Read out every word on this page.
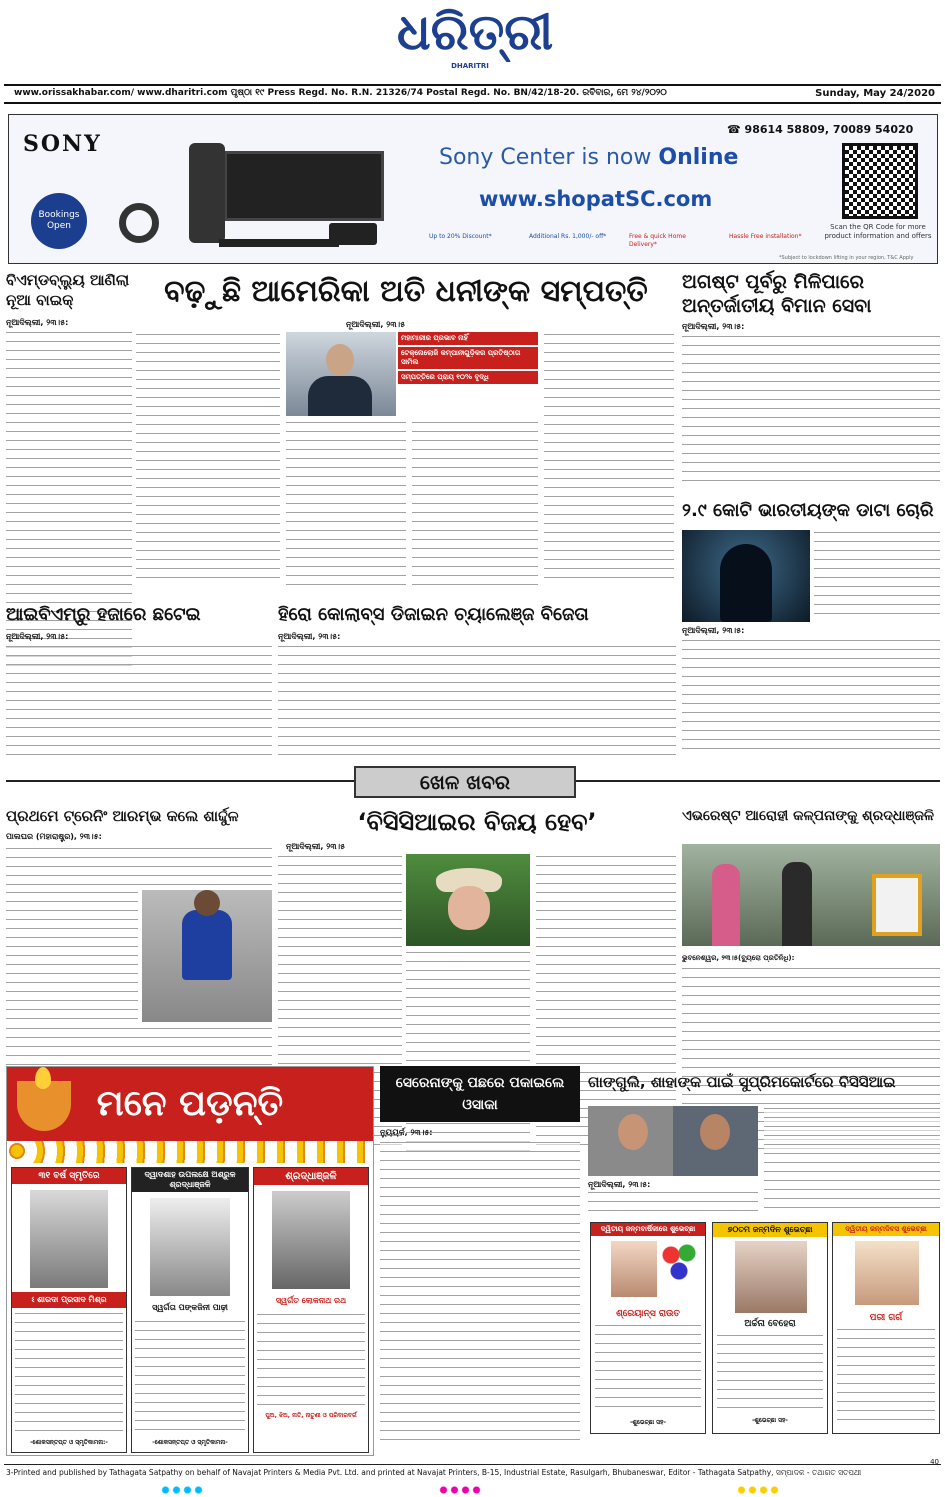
ଧରିତ୍ରୀ
DHARITRI
www.orissakhabar.com/ www.dharitri.com ପୃଷ୍ଠା ୧୯ Press Regd. No. R.N. 21326/74 Postal Regd. No. BN/42/18-20. ରବିବାର, ମେ ୨୪/୨୦୨୦	Sunday, May 24/2020
SONY
Bookings Open
Sony Center is now Online
www.shopatSC.com
☎ 98614 58809, 70089 54020
Scan the QR Code for more product information and offers
Up to 20% Discount*	Additional Rs. 1,000/- off*	Free & quick Home Delivery*
Hassle Free installation*
*Subject to lockdown lifting in your region, T&C Apply
ବିଏମ୍‌ଡବ୍ଲ୍ୟୁ ଆଣିଲା ନୂଆ ବାଇକ୍
ନୂଆଦିଲ୍ଲୀ, ୨୩।୫:
ବଢ଼ୁଛି ଆମେରିକା ଅତି ଧନୀଙ୍କ ସମ୍ପତ୍ତି
ନୂଆଦିଲ୍ଲୀ, ୨୩।୫
ମହାମାରୀର ପ୍ରଭାବ ନାହିଁ
ଟେକ୍ନୋଲୋଜି କମ୍ପାନୀଗୁଡ଼ିକର ପ୍ରତିଷ୍ଠାତା ସାମିଲ
ସମ୍ପତ୍ତିରେ ପ୍ରାୟ ୧୦% ବୃଦ୍ଧି
ଅଗଷ୍ଟ ପୂର୍ବରୁ ମିଳିପାରେ ଅନ୍ତର୍ଜାତୀୟ ବିମାନ ସେବା
ନୂଆଦିଲ୍ଲୀ, ୨୩।୫:
୨.୯ କୋଟି ଭାରତୀୟଙ୍କ ଡାଟା ଚୋରି
ନୂଆଦିଲ୍ଲୀ, ୨୩।୫:
ଆଇବିଏମ୍‌ରୁ ହଜାରେ ଛଟେଇ
ନୂଆଦିଲ୍ଲୀ, ୨୩।୫:
ହିରୋ କୋଲାବ୍ସ ଡିଜାଇନ ଚ୍ୟାଲେଞ୍ଜ ବିଜେତା
ନୂଆଦିଲ୍ଲୀ, ୨୩।୫:
ଖେଳ ଖବର
ପ୍ରଥମେ ଟ୍ରେନିଂ ଆରମ୍ଭ କଲେ ଶାର୍ଦ୍ଦୁଳ
ପାଲଘର (ମହାରାଷ୍ଟ୍ର), ୨୩।୫:
‘ବିସିସିଆଇର ବିଜୟ ହେବ’
ନୂଆଦିଲ୍ଲୀ, ୨୩।୫
ଏଭରେଷ୍ଟ ଆରୋହୀ କଳ୍ପନାଙ୍କୁ ଶ୍ରଦ୍ଧାଞ୍ଜଳି
ଭୁବନେଶ୍ୱର, ୨୩।୫(ବ୍ୟୁରୋ ପ୍ରତିନିଧି):
ମନେ ପଡ଼ନ୍ତି
୩୧ ବର୍ଷ ସ୍ମୃତିରେ
ଽ ଶାରଦା ପ୍ରସାଦ ମିଶ୍ର
-ଶୋକସନ୍ତପ୍ତ ଓ ସ୍ମୃତିକାମନା:-
ଦ୍ୱାଦଶାହ ଉପଲକ୍ଷେ ଅଶ୍ରୁଳ ଶ୍ରଦ୍ଧାଞ୍ଜଳି
ସ୍ୱର୍ଗତା ପଙ୍କଜିନୀ ପାଢ଼ୀ
-ଶୋକସନ୍ତପ୍ତ ଓ ସ୍ମୃତିକାମନା-
ଶ୍ରଦ୍ଧାଞ୍ଜଳି
ସ୍ୱର୍ଗତ ଲୋକନାଥ ରଥ
ପୁଅ, ଝିଅ, ନାତି, ନାତୁଣୀ ଓ ପରିବାରବର୍ଗ
ସେରେନାଙ୍କୁ ପଛରେ ପକାଇଲେ ଓସାକା
ନ୍ୟୁୟର୍କ, ୨୩।୫:
ଗାଙ୍ଗୁଲି, ଶାହାଙ୍କ ପାଇଁ ସୁପ୍ରିମକୋର୍ଟରେ ବିସିସିଆଇ
ନୂଆଦିଲ୍ଲୀ, ୨୩।୫:
ଦ୍ୱିତୀୟ ଜନ୍ମବାର୍ଷିକୀରେ ଶୁଭେଚ୍ଛା
ଶ୍ରେୟାନ୍ସ ରାଉତ
-ଶୁଭେଚ୍ଛା ସହ-
୭୦ତମ ଜନ୍ମଦିନ ଶୁଭେଚ୍ଛା
ଅର୍ଚ୍ଚନା ବେହେରା
-ଶୁଭେଚ୍ଛା ସହ-
ଦ୍ୱିତୀୟ ଜନ୍ମଦିବସ ଶୁଭେଚ୍ଛା
ପରୀ ଗର୍ଗ
3-Printed and published by Tathagata Satpathy on behalf of Navajat Printers & Media Pvt. Ltd. and printed at Navajat Printers, B-15, Industrial Estate, Rasulgarh, Bhubaneswar, Editor - Tathagata Satpathy, ସମ୍ପାଦକ - ତଥାଗତ ସତପଥୀ
40
